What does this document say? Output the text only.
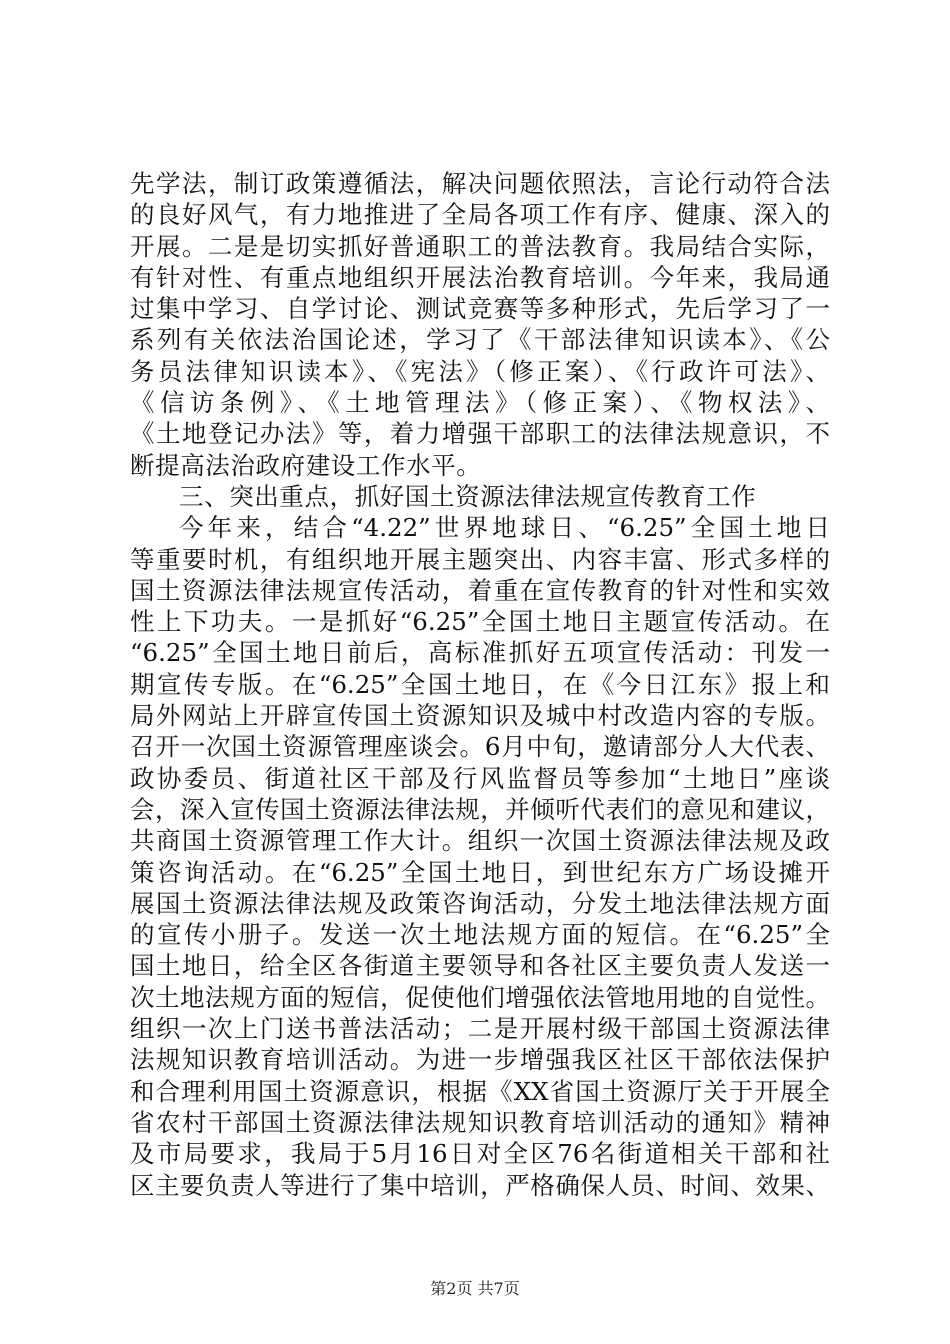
先学法，制订政策遵循法，解决问题依照法，言论行动符合法
的良好风气，有力地推进了全局各项工作有序、健康、深入的
开展。二是是切实抓好普通职工的普法教育。我局结合实际，
有针对性、有重点地组织开展法治教育培训。今年来，我局通
过集中学习、自学讨论、测试竞赛等多种形式，先后学习了一
系列有关依法治国论述，学习了《干部法律知识读本》、《公
务员法律知识读本》、《宪法》（修正案）、《行政许可法》、
《信访条例》、《土地管理法》（修正案）、《物权法》、
《土地登记办法》等，着力增强干部职工的法律法规意识，不
断提高法治政府建设工作水平。
三、突出重点，抓好国土资源法律法规宣传教育工作
今年来，结合“4.22”世界地球日、“6.25”全国土地日
等重要时机，有组织地开展主题突出、内容丰富、形式多样的
国土资源法律法规宣传活动，着重在宣传教育的针对性和实效
性上下功夫。一是抓好“6.25”全国土地日主题宣传活动。在
“6.25”全国土地日前后，高标准抓好五项宣传活动：刊发一
期宣传专版。在“6.25”全国土地日，在《今日江东》报上和
局外网站上开辟宣传国土资源知识及城中村改造内容的专版。
召开一次国土资源管理座谈会。6月中旬，邀请部分人大代表、
政协委员、街道社区干部及行风监督员等参加“土地日”座谈
会，深入宣传国土资源法律法规，并倾听代表们的意见和建议，
共商国土资源管理工作大计。组织一次国土资源法律法规及政
策咨询活动。在“6.25”全国土地日，到世纪东方广场设摊开
展国土资源法律法规及政策咨询活动，分发土地法律法规方面
的宣传小册子。发送一次土地法规方面的短信。在“6.25”全
国土地日，给全区各街道主要领导和各社区主要负责人发送一
次土地法规方面的短信，促使他们增强依法管地用地的自觉性。
组织一次上门送书普法活动；二是开展村级干部国土资源法律
法规知识教育培训活动。为进一步增强我区社区干部依法保护
和合理利用国土资源意识，根据《XX省国土资源厅关于开展全
省农村干部国土资源法律法规知识教育培训活动的通知》精神
及市局要求，我局于5月16日对全区76名街道相关干部和社
区主要负责人等进行了集中培训，严格确保人员、时间、效果、
第2页 共7页
